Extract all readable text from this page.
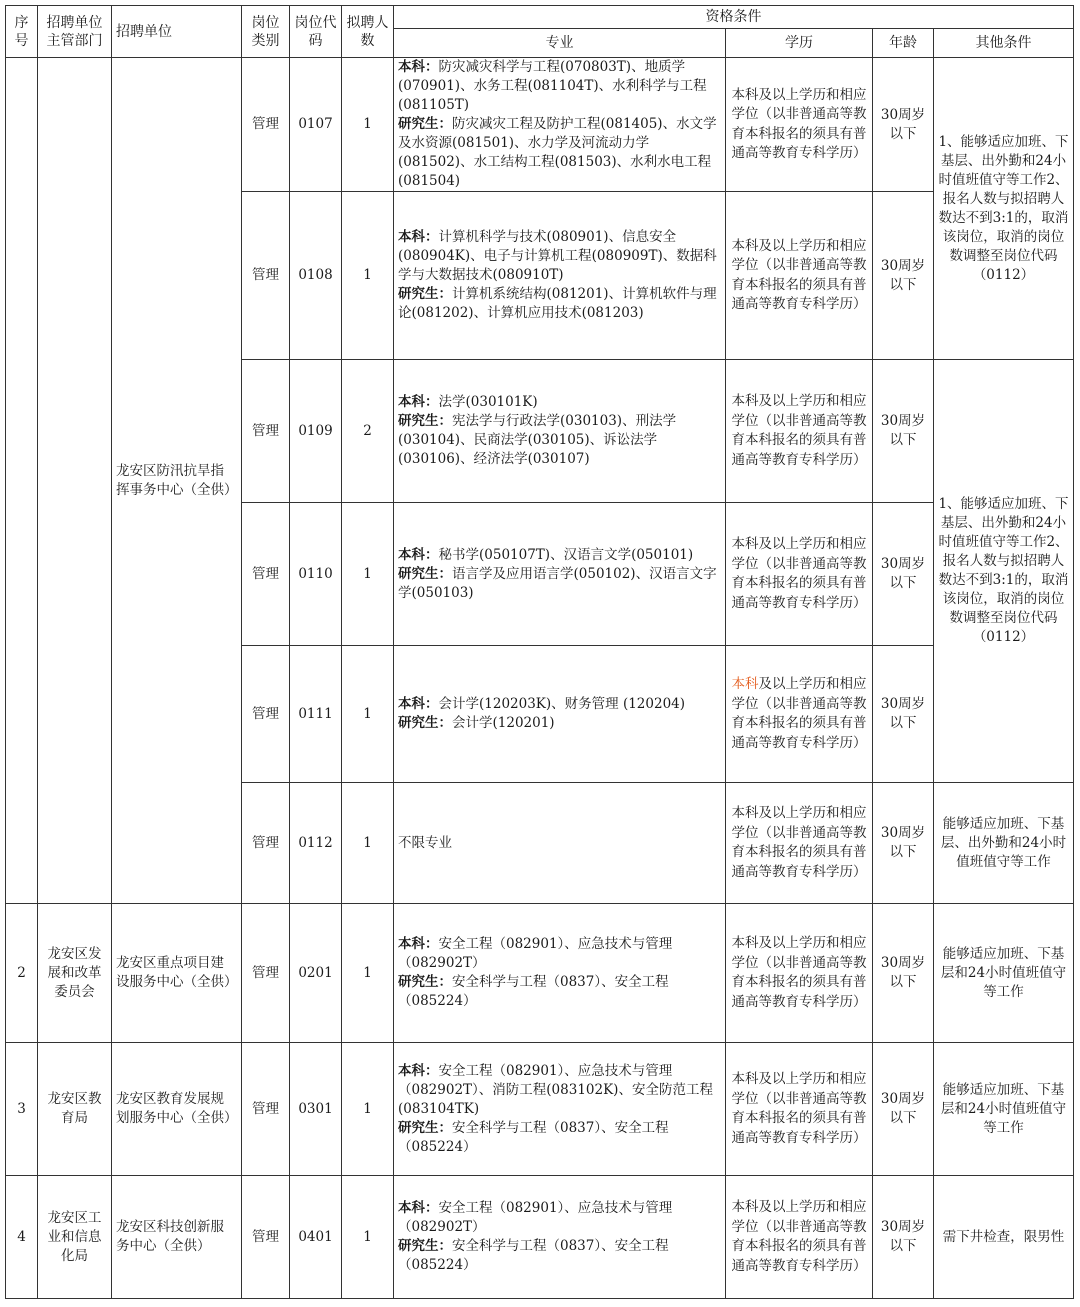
序号	招聘单位主管部门	招聘单位	岗位类别	岗位代码	拟聘人数	资格条件			
						专业	学历	年龄	其他条件
		龙安区防汛抗旱指挥事务中心（全供）	管理	0107	1	本科：防灾减灾科学与工程(070803T)、地质学(070901)、水务工程(081104T)、水利科学与工程(081105T)
研究生：防灾减灾工程及防护工程(081405)、水文学及水资源(081501)、水力学及河流动力学(081502)、水工结构工程(081503)、水利水电工程(081504)	本科及以上学历和相应学位（以非普通高等教育本科报名的须具有普通高等教育专科学历）	30周岁以下	1、能够适应加班、下基层、出外勤和24小时值班值守等工作2、报名人数与拟招聘人数达不到3:1的，取消该岗位，取消的岗位数调整至岗位代码（0112）
			管理	0108	1	本科：计算机科学与技术(080901)、信息安全(080904K)、电子与计算机工程(080909T)、数据科学与大数据技术(080910T)
研究生：计算机系统结构(081201)、计算机软件与理论(081202)、计算机应用技术(081203)	本科及以上学历和相应学位（以非普通高等教育本科报名的须具有普通高等教育专科学历）	30周岁以下	
			管理	0109	2	本科：法学(030101K)
研究生：宪法学与行政法学(030103)、刑法学(030104)、民商法学(030105)、诉讼法学(030106)、经济法学(030107)	本科及以上学历和相应学位（以非普通高等教育本科报名的须具有普通高等教育专科学历）	30周岁以下	1、能够适应加班、下基层、出外勤和24小时值班值守等工作2、报名人数与拟招聘人数达不到3:1的，取消该岗位，取消的岗位数调整至岗位代码（0112）
			管理	0110	1	本科：秘书学(050107T)、汉语言文学(050101)
研究生：语言学及应用语言学(050102)、汉语言文字学(050103)	本科及以上学历和相应学位（以非普通高等教育本科报名的须具有普通高等教育专科学历）	30周岁以下	
			管理	0111	1	本科：会计学(120203K)、财务管理 (120204)
研究生：会计学(120201)	本科及以上学历和相应学位（以非普通高等教育本科报名的须具有普通高等教育专科学历）	30周岁以下	
			管理	0112	1	不限专业	本科及以上学历和相应学位（以非普通高等教育本科报名的须具有普通高等教育专科学历）	30周岁以下	能够适应加班、下基层、出外勤和24小时值班值守等工作
2	龙安区发展和改革委员会	龙安区重点项目建设服务中心（全供）	管理	0201	1	本科：安全工程（082901）、应急技术与管理（082902T）
研究生：安全科学与工程（0837）、安全工程（085224）	本科及以上学历和相应学位（以非普通高等教育本科报名的须具有普通高等教育专科学历）	30周岁以下	能够适应加班、下基层和24小时值班值守等工作
3	龙安区教育局	龙安区教育发展规划服务中心（全供）	管理	0301	1	本科：安全工程（082901）、应急技术与管理（082902T）、消防工程(083102K)、安全防范工程(083104TK)
研究生：安全科学与工程（0837）、安全工程（085224）	本科及以上学历和相应学位（以非普通高等教育本科报名的须具有普通高等教育专科学历）	30周岁以下	能够适应加班、下基层和24小时值班值守等工作
4	龙安区工业和信息化局	龙安区科技创新服务中心（全供）	管理	0401	1	本科：安全工程（082901）、应急技术与管理（082902T）
研究生：安全科学与工程（0837）、安全工程（085224）	本科及以上学历和相应学位（以非普通高等教育本科报名的须具有普通高等教育专科学历）	30周岁以下	需下井检查，限男性
